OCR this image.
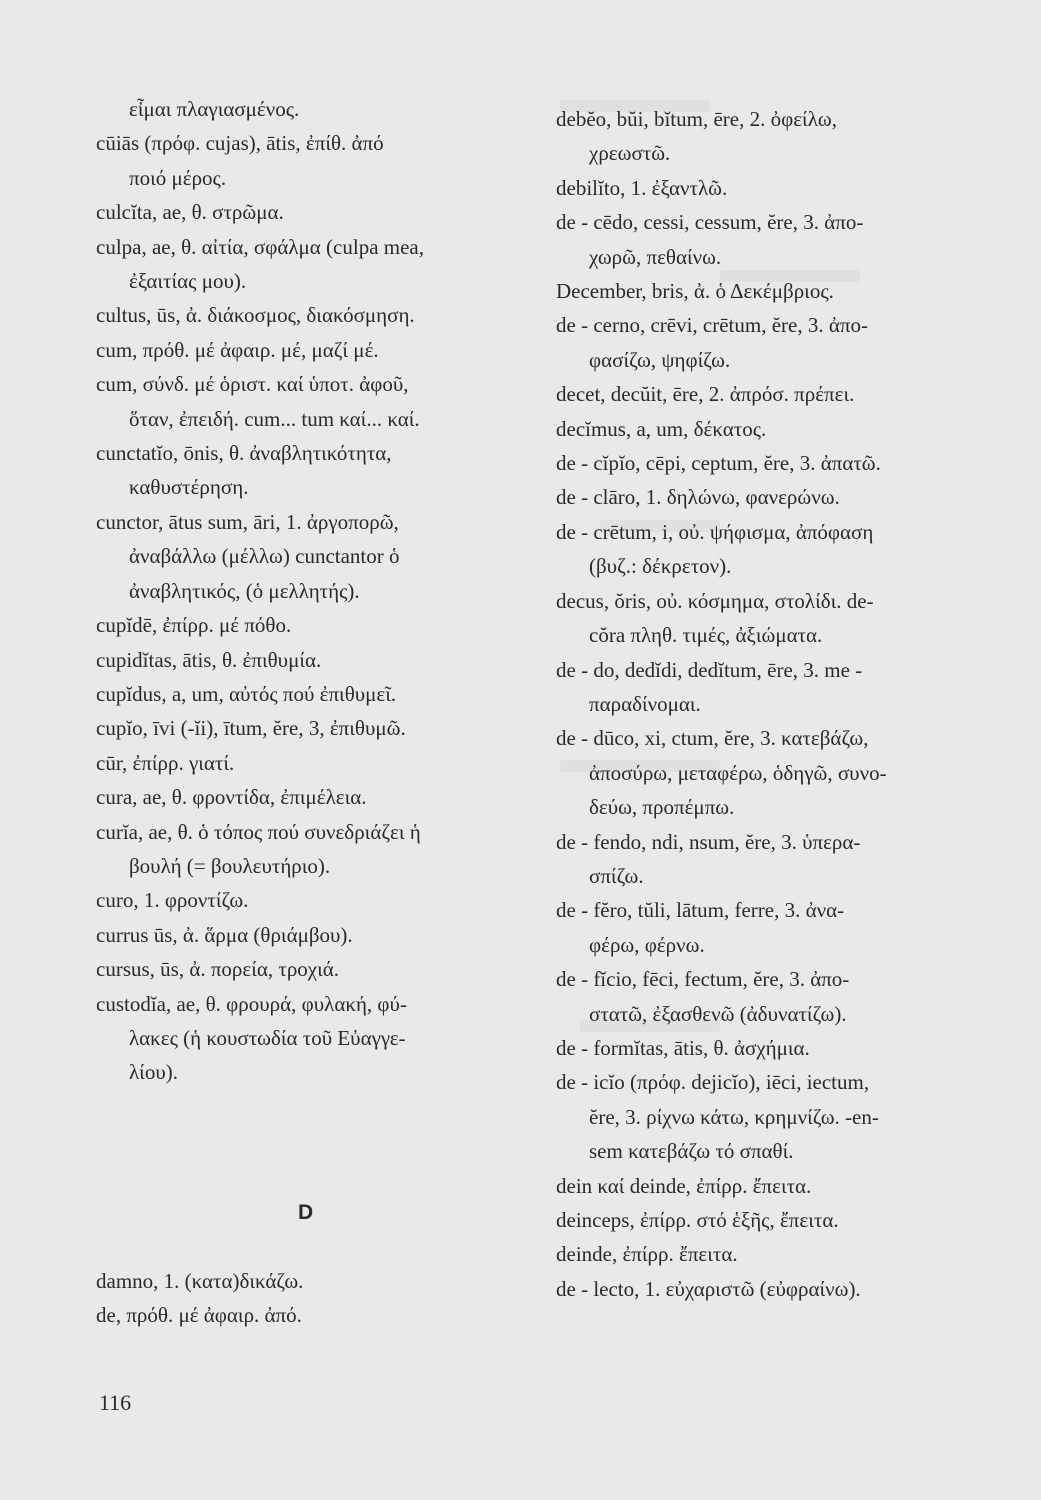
εἶμαι πλαγιασμένος.
cūiās (πρόφ. cujas), ātis, ἐπίθ. ἀπό
ποιό μέρος.
culcĭta, ae, θ. στρῶμα.
culpa, ae, θ. αἰτία, σφάλμα (culpa mea,
ἐξαιτίας μου).
cultus, ūs, ἀ. διάκοσμος, διακόσμηση.
cum, πρόθ. μέ ἀφαιρ. μέ, μαζί μέ.
cum, σύνδ. μέ ὁριστ. καί ὑποτ. ἀφοῦ,
ὅταν, ἐπειδή. cum... tum καί... καί.
cunctatĭo, ōnis, θ. ἀναβλητικότητα,
καθυστέρηση.
cunctor, ātus sum, āri, 1. ἀργοπορῶ,
ἀναβάλλω (μέλλω) cunctantor ὁ
ἀναβλητικός, (ὁ μελλητής).
cupĭdē, ἐπίρρ. μέ πόθο.
cupidĭtas, ātis, θ. ἐπιθυμία.
cupĭdus, a, um, αὐτός πού ἐπιθυμεῖ.
cupĭo, īvi (-ĭi), ītum, ĕre, 3, ἐπιθυμῶ.
cūr, ἐπίρρ. γιατί.
cura, ae, θ. φροντίδα, ἐπιμέλεια.
curĭa, ae, θ. ὁ τόπος πού συνεδριάζει ἡ
βουλή (= βουλευτήριο).
curo, 1. φροντίζω.
currus ūs, ἀ. ἅρμα (θριάμβου).
cursus, ūs, ἀ. πορεία, τροχιά.
custodĭa, ae, θ. φρουρά, φυλακή, φύ-
λακες (ἡ κουστωδία τοῦ Εὐαγγε-
λίου).
D
damno, 1. (κατα)δικάζω.
de, πρόθ. μέ ἀφαιρ. ἀπό.
debĕo, bŭi, bĭtum, ēre, 2. ὀφείλω,
χρεωστῶ.
debilĭto, 1. ἐξαντλῶ.
de - cēdo, cessi, cessum, ĕre, 3. ἀπο-
χωρῶ, πεθαίνω.
December, bris, ἀ. ὁ Δεκέμβριος.
de - cerno, crēvi, crētum, ĕre, 3. ἀπο-
φασίζω, ψηφίζω.
decet, decŭit, ēre, 2. ἀπρόσ. πρέπει.
decĭmus, a, um, δέκατος.
de - cĭpĭo, cēpi, ceptum, ĕre, 3. ἀπατῶ.
de - clāro, 1. δηλώνω, φανερώνω.
de - crētum, i, οὐ. ψήφισμα, ἀπόφαση
(βυζ.: δέκρετον).
decus, ŏris, οὐ. κόσμημα, στολίδι. de-
cŏra πληθ. τιμές, ἀξιώματα.
de - do, dedĭdi, dedĭtum, ēre, 3. me -
παραδίνομαι.
de - dūco, xi, ctum, ĕre, 3. κατεβάζω,
ἀποσύρω, μεταφέρω, ὁδηγῶ, συνο-
δεύω, προπέμπω.
de - fendo, ndi, nsum, ĕre, 3. ὑπερα-
σπίζω.
de - fĕro, tŭli, lātum, ferre, 3. ἀνα-
φέρω, φέρνω.
de - fĭcio, fēci, fectum, ĕre, 3. ἀπο-
στατῶ, ἐξασθενῶ (ἀδυνατίζω).
de - formĭtas, ātis, θ. ἀσχήμια.
de - icĭo (πρόφ. dejicĭo), iēci, iectum,
ĕre, 3. ρίχνω κάτω, κρημνίζω. -en-
sem κατεβάζω τό σπαθί.
dein καί deinde, ἐπίρρ. ἔπειτα.
deinceps, ἐπίρρ. στό ἑξῆς, ἔπειτα.
deinde, ἐπίρρ. ἔπειτα.
de - lecto, 1. εὐχαριστῶ (εὐφραίνω).
116
